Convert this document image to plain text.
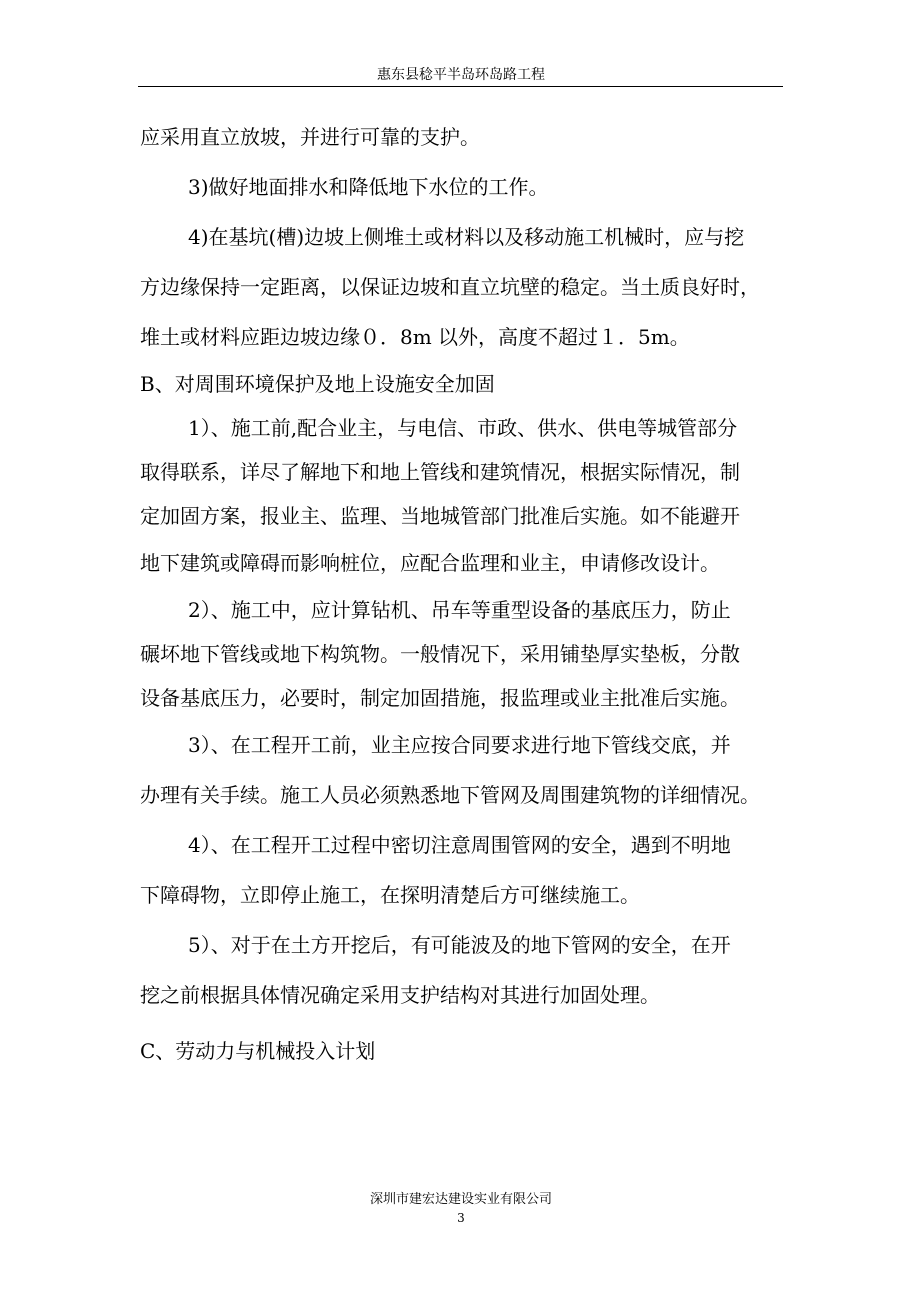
惠东县稔平半岛环岛路工程

应采用直立放坡，并进行可靠的支护。

3)做好地面排水和降低地下水位的工作。

4)在基坑(槽)边坡上侧堆土或材料以及移动施工机械时，应与挖

方边缘保持一定距离，以保证边坡和直立坑壁的稳定。当土质良好时，

堆土或材料应距边坡边缘０．8m 以外，高度不超过１．5m。

B、对周围环境保护及地上设施安全加固

1）、施工前,配合业主，与电信、市政、供水、供电等城管部分

取得联系，详尽了解地下和地上管线和建筑情况，根据实际情况，制

定加固方案，报业主、监理、当地城管部门批准后实施。如不能避开

地下建筑或障碍而影响桩位，应配合监理和业主，申请修改设计。

2）、施工中，应计算钻机、吊车等重型设备的基底压力，防止

碾坏地下管线或地下构筑物。一般情况下，采用铺垫厚实垫板，分散

设备基底压力，必要时，制定加固措施，报监理或业主批准后实施。

3）、在工程开工前，业主应按合同要求进行地下管线交底，并

办理有关手续。施工人员必须熟悉地下管网及周围建筑物的详细情况。

4）、在工程开工过程中密切注意周围管网的安全，遇到不明地

下障碍物，立即停止施工，在探明清楚后方可继续施工。

5）、对于在土方开挖后，有可能波及的地下管网的安全，在开

挖之前根据具体情况确定采用支护结构对其进行加固处理。

C、劳动力与机械投入计划

深圳市建宏达建设实业有限公司
3
